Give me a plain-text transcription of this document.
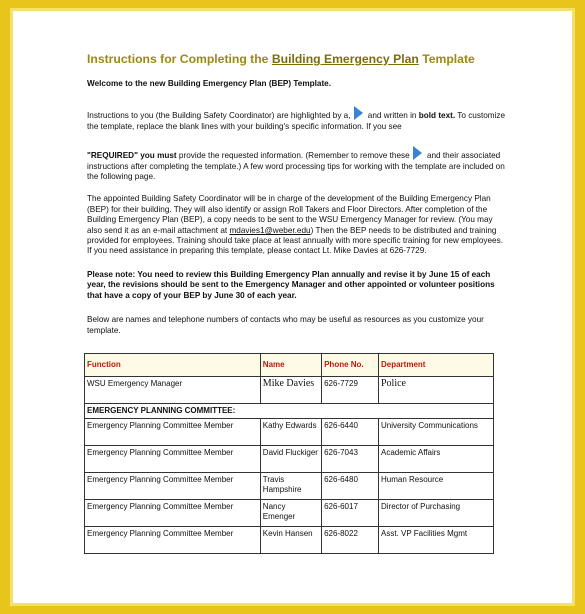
Instructions for Completing the Building Emergency Plan Template

Welcome to the new Building Emergency Plan (BEP) Template.

Instructions to you (the Building Safety Coordinator) are highlighted by a, and written in bold text. To customize the template, replace the blank lines with your building's specific information. If you see

"REQUIRED" you must provide the requested information. (Remember to remove these and their associated instructions after completing the template.) A few word processing tips for working with the template are included on the following page.

The appointed Building Safety Coordinator will be in charge of the development of the Building Emergency Plan (BEP) for their building. They will also identify or assign Roll Takers and Floor Directors. After completion of the Building Emergency Plan (BEP), a copy needs to be sent to the WSU Emergency Manager for review. (You may also send it as an e-mail attachment at mdavies1@weber.edu) Then the BEP needs to be distributed and training provided for employees. Training should take place at least annually with more specific training for new employees. If you need assistance in preparing this template, please contact Lt. Mike Davies at 626-7729.

Please note: You need to review this Building Emergency Plan annually and revise it by June 15 of each year, the revisions should be sent to the Emergency Manager and other appointed or volunteer positions that have a copy of your BEP by June 30 of each year.

Below are names and telephone numbers of contacts who may be useful as resources as you customize your template.

Function	Name	Phone No.	Department
WSU Emergency Manager	Mike Davies	626-7729	Police
EMERGENCY PLANNING COMMITTEE:			
Emergency Planning Committee Member	Kathy Edwards	626-6440	University Communications
Emergency Planning Committee Member	David Fluckiger	626-7043	Academic Affairs
Emergency Planning Committee Member	Travis Hampshire	626-6480	Human Resource
Emergency Planning Committee Member	Nancy Emenger	626-6017	Director of Purchasing
Emergency Planning Committee Member	Kevin Hansen	626-8022	Asst. VP Facilities Mgmt
